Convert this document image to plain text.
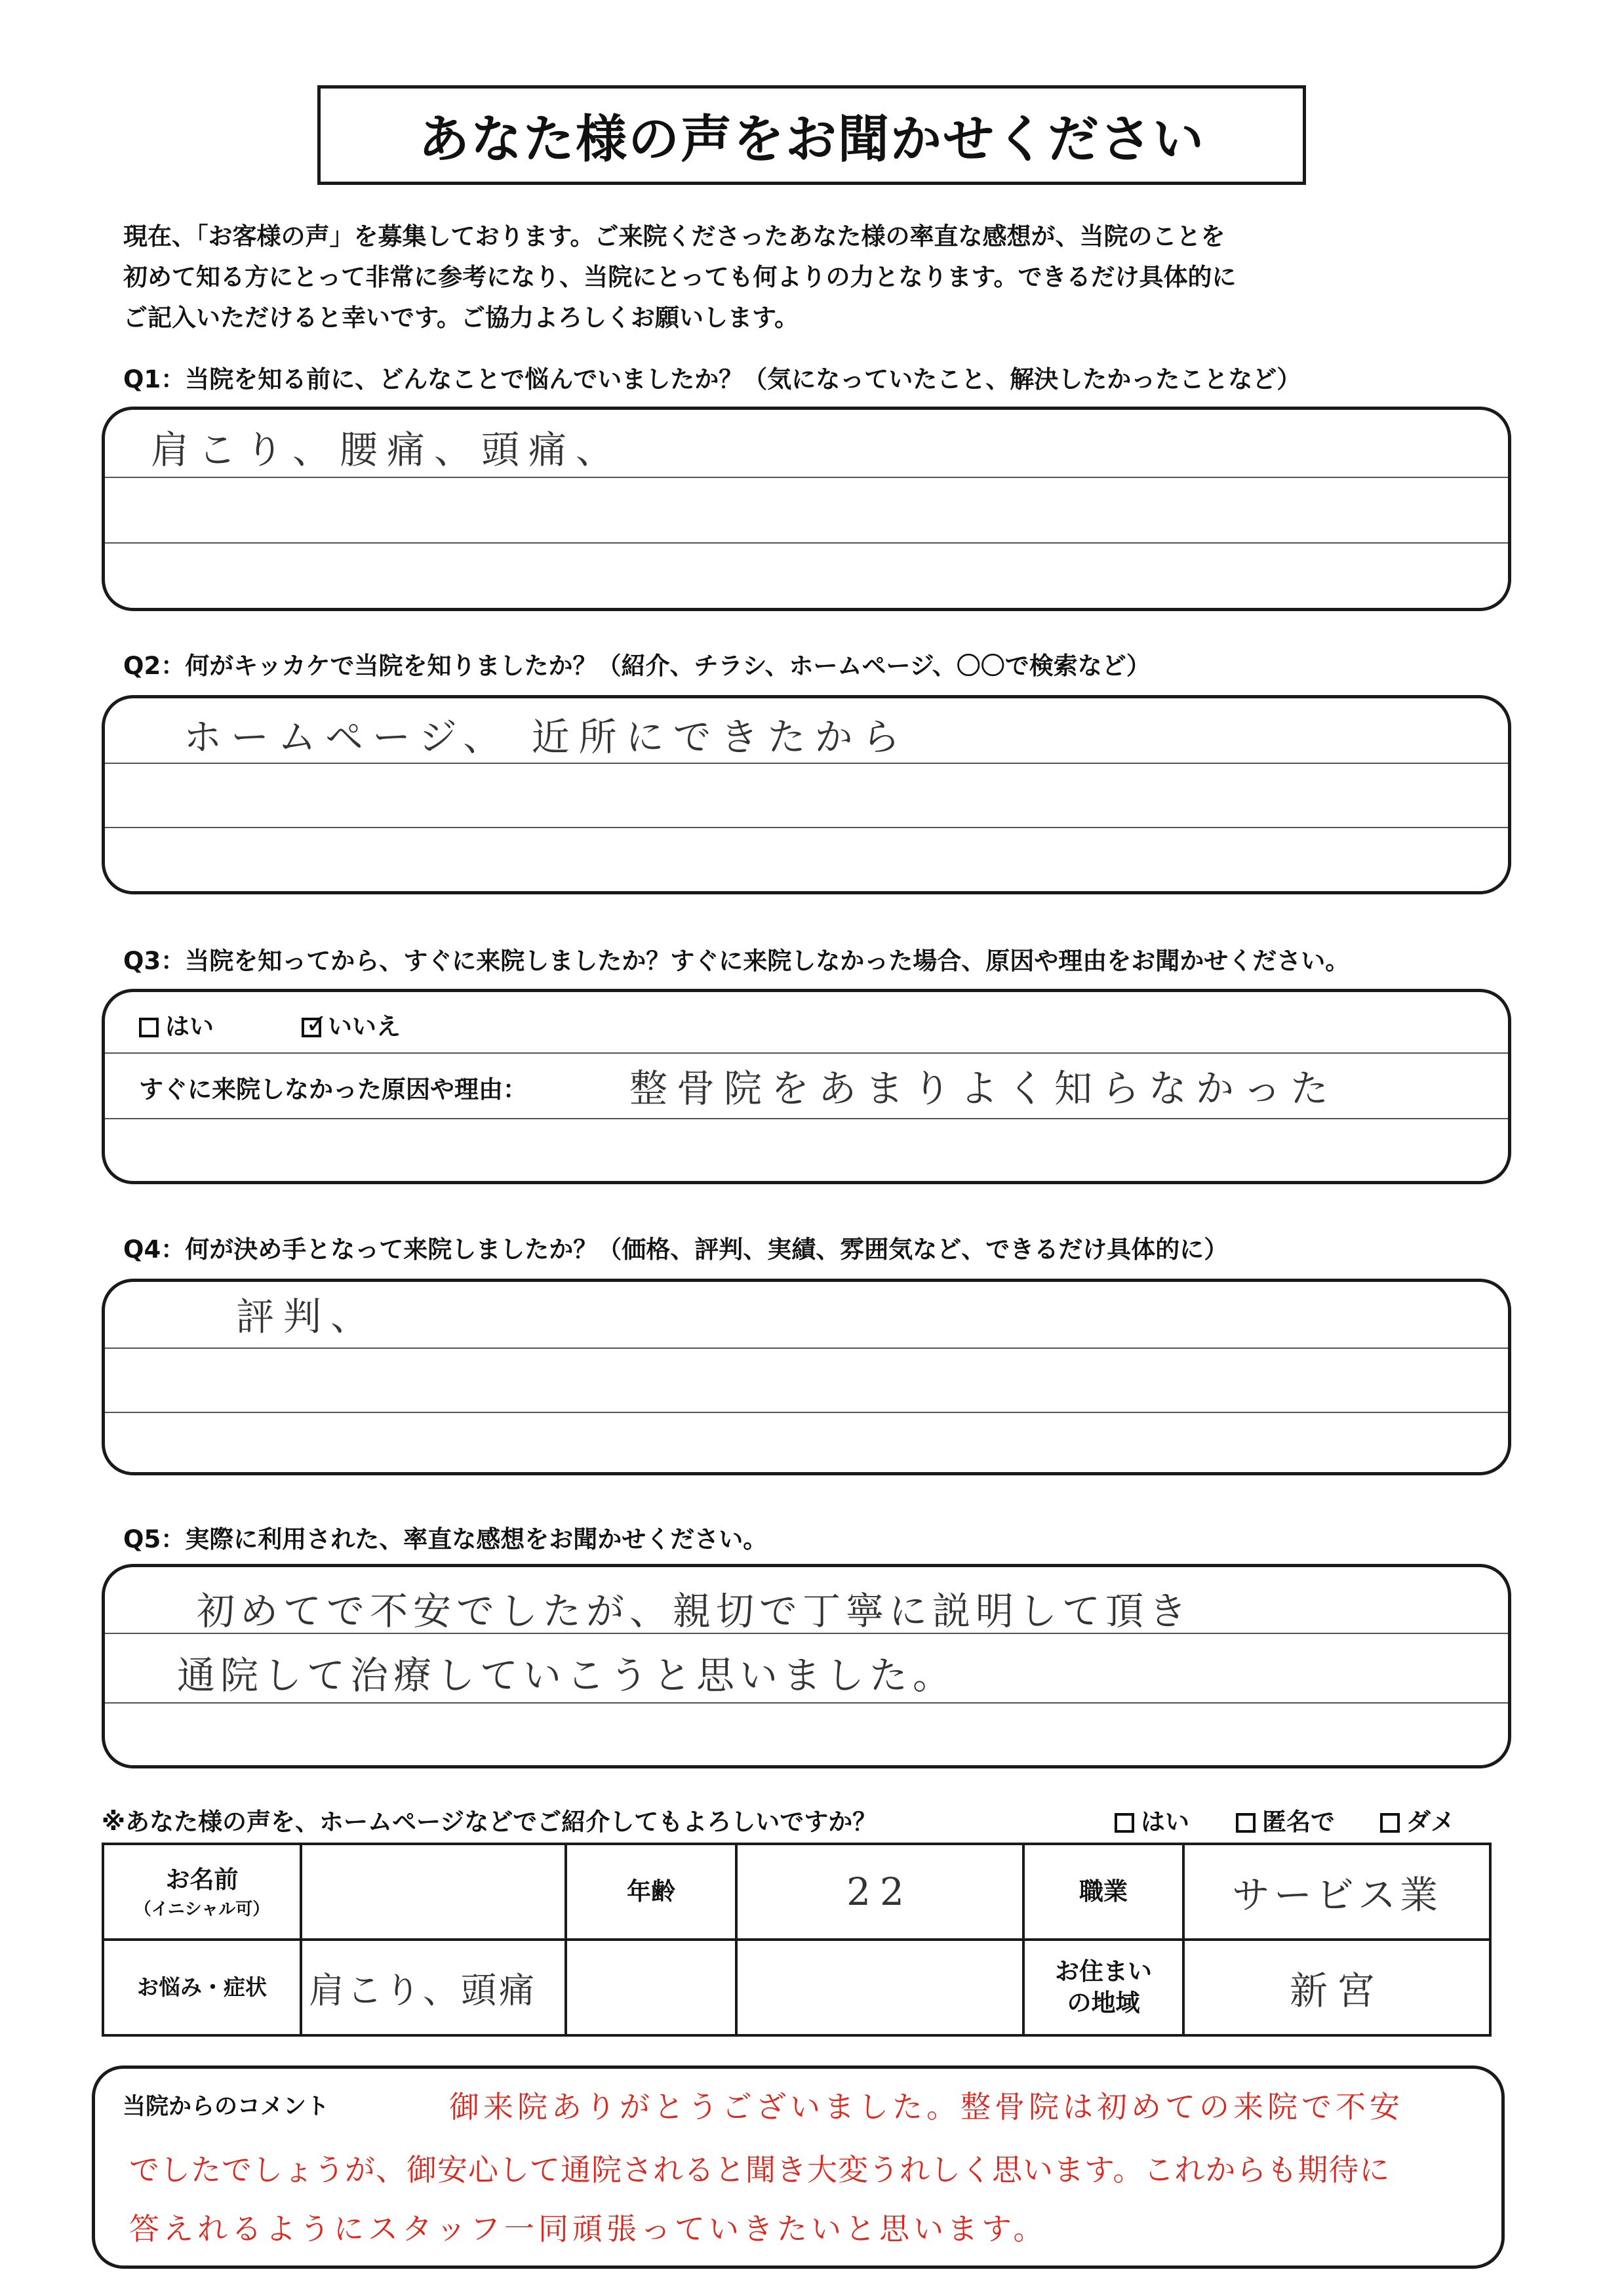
あなた様の声をお聞かせください
現在、「お客様の声」を募集しております。ご来院くださったあなた様の率直な感想が、当院のことを
初めて知る方にとって非常に参考になり、当院にとっても何よりの力となります。できるだけ具体的に
ご記入いただけると幸いです。ご協力よろしくお願いします。
Q1：当院を知る前に、どんなことで悩んでいましたか？（気になっていたこと、解決したかったことなど）
肩こり、腰痛、頭痛、
Q2：何がキッカケで当院を知りましたか？（紹介、チラシ、ホームページ、〇〇で検索など）
ホームページ、 近所にできたから
Q3：当院を知ってから、すぐに来院しましたか？すぐに来院しなかった場合、原因や理由をお聞かせください。
はい	✓ いいえ
すぐに来院しなかった原因や理由：	整骨院をあまりよく知らなかった
Q4：何が決め手となって来院しましたか？（価格、評判、実績、雰囲気など、できるだけ具体的に）
評判、
Q5：実際に利用された、率直な感想をお聞かせください。
初めてで不安でしたが、親切で丁寧に説明して頂き
通院して治療していこうと思いました。
※あなた様の声を、ホームページなどでご紹介してもよろしいですか？	はい	匿名で	ダメ
お名前
（イニシャル可）		年齢	22	職業	サービス業
お悩み・症状	肩こり、頭痛			お住まい
の地域	新宮
当院からのコメント	御来院ありがとうございました。整骨院は初めての来院で不安
でしたでしょうが、御安心して通院されると聞き大変うれしく思います。これからも期待に
答えれるようにスタッフ一同頑張っていきたいと思います。
